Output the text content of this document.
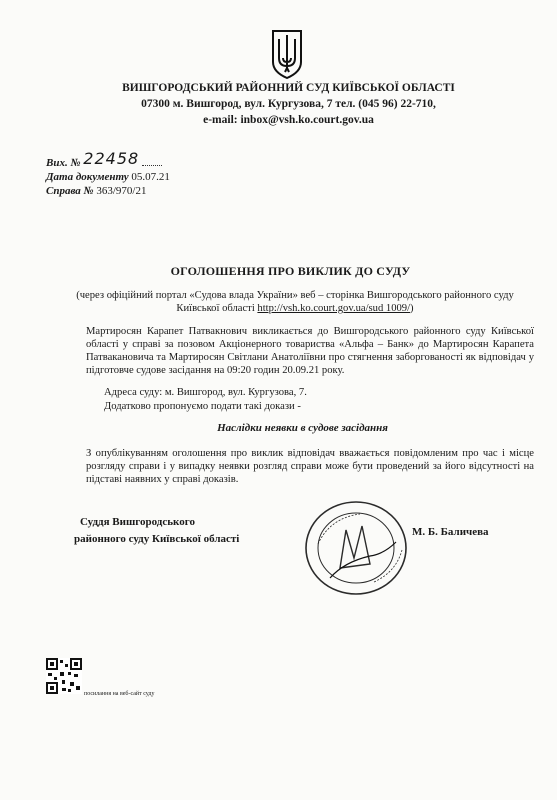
ВИШГОРОДСЬКИЙ РАЙОННИЙ СУД КИЇВСЬКОЇ ОБЛАСТІ
07300 м. Вишгород, вул. Кургузова, 7 тел. (045 96) 22-710,
e-mail: inbox@vsh.ko.court.gov.ua
Вих. № 22458
Дата документу 05.07.21
Справа № 363/970/21
ОГОЛОШЕННЯ ПРО ВИКЛИК ДО СУДУ
(через офіційний портал «Судова влада України» веб – сторінка Вишгородського районного суду Київської області http://vsh.ko.court.gov.ua/sud 1009/)
Мартиросян Карапет Патвакнович викликається до Вишгородського районного суду Київської області у справі за позовом Акціонерного товариства «Альфа – Банк» до Мартиросян Карапета Патвакановича та Мартиросян Світлани Анатоліївни про стягнення заборгованості як відповідач у підготовче судове засідання на 09:20 годин 20.09.21 року.
Адреса суду: м. Вишгород, вул. Кургузова, 7.
Додатково пропонуємо подати такі докази -
Наслідки неявки в судове засідання
З опублікуванням оголошення про виклик відповідач вважається повідомленим про час і місце розгляду справи і у випадку неявки розгляд справи може бути проведений за його відсутності на підставі наявних у справі доказів.
Суддя Вишгородського
районного суду Київської області
М. Б. Баличева
посилання на веб-сайт суду
